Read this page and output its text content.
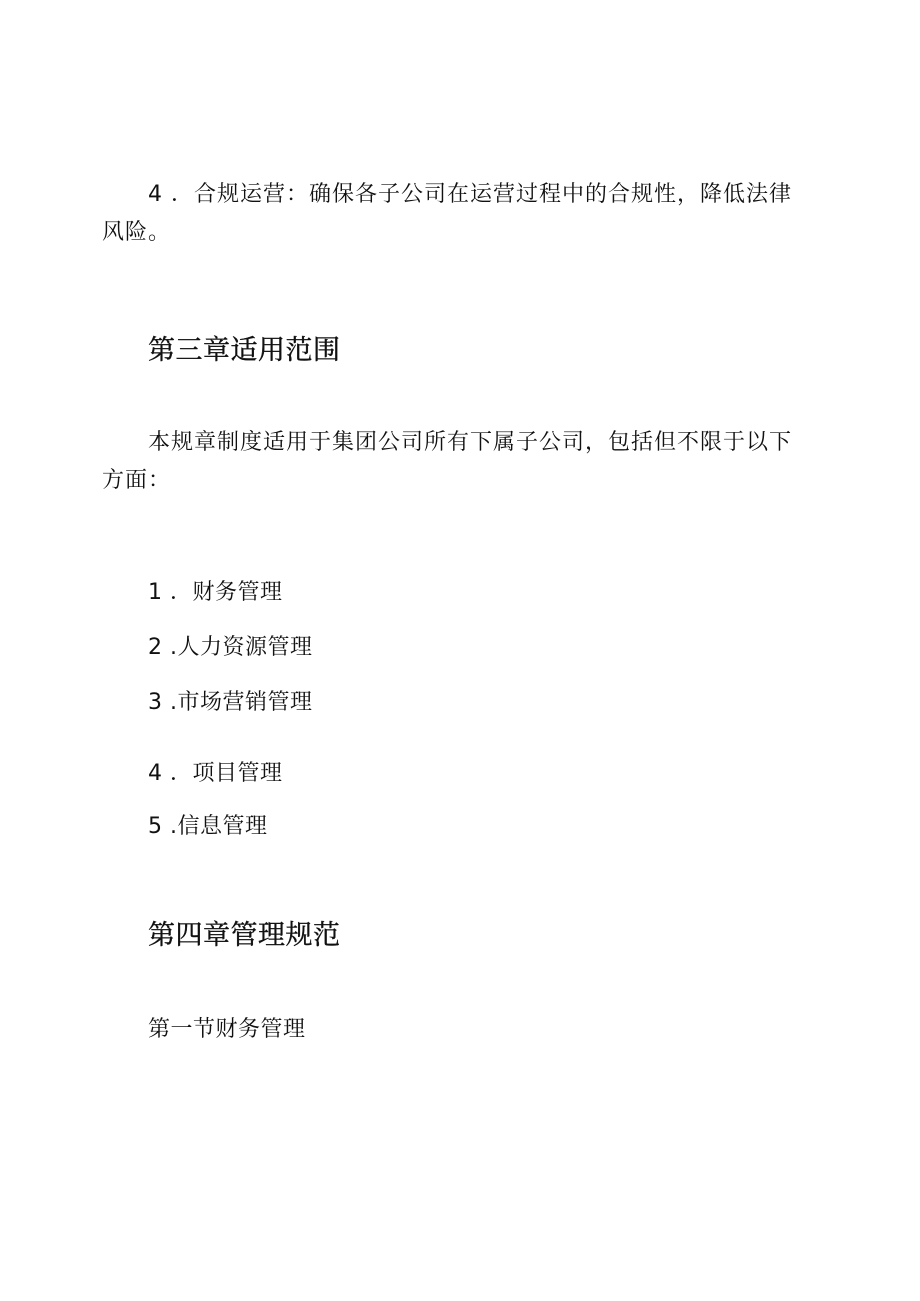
4 ．合规运营：确保各子公司在运营过程中的合规性，降低法律风险。

第三章适用范围

本规章制度适用于集团公司所有下属子公司，包括但不限于以下方面：

1 ．财务管理
2 .人力资源管理
3 .市场营销管理
4 ．项目管理
5 .信息管理
第四章管理规范
第一节财务管理
